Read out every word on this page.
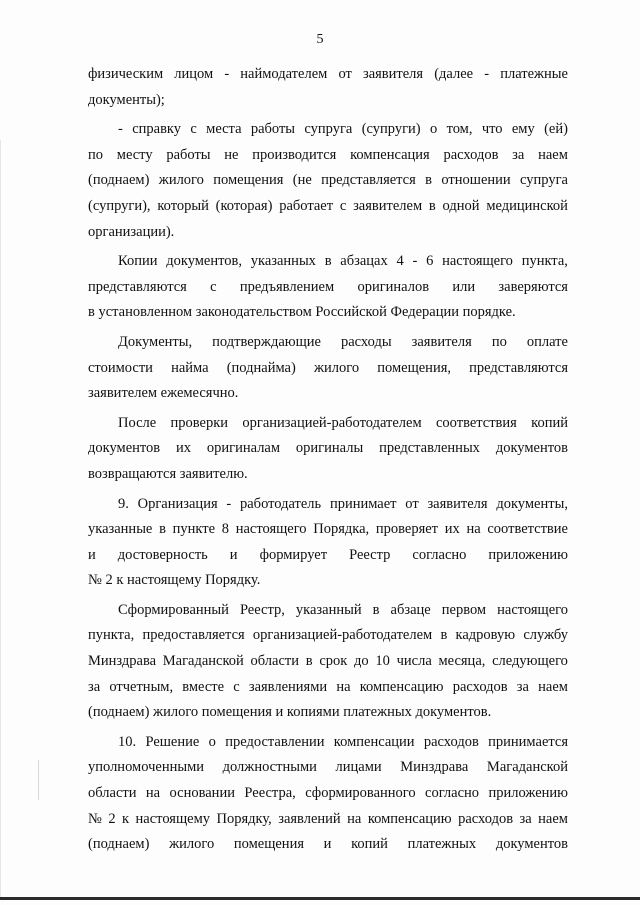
5
физическим лицом - наймодателем от заявителя (далее - платежные
документы);
- справку с места работы супруга (супруги) о том, что ему (ей)
по месту работы не производится компенсация расходов за наем
(поднаем) жилого помещения (не представляется в отношении супруга
(супруги), который (которая) работает с заявителем в одной медицинской
организации).
Копии документов, указанных в абзацах 4 - 6 настоящего пункта,
представляются с предъявлением оригиналов или заверяются
в установленном законодательством Российской Федерации порядке.
Документы, подтверждающие расходы заявителя по оплате
стоимости найма (поднайма) жилого помещения, представляются
заявителем ежемесячно.
После проверки организацией-работодателем соответствия копий
документов их оригиналам оригиналы представленных документов
возвращаются заявителю.
9. Организация - работодатель принимает от заявителя документы,
указанные в пункте 8 настоящего Порядка, проверяет их на соответствие
и достоверность и формирует Реестр согласно приложению
№ 2 к настоящему Порядку.
Сформированный Реестр, указанный в абзаце первом настоящего
пункта, предоставляется организацией-работодателем в кадровую службу
Минздрава Магаданской области в срок до 10 числа месяца, следующего
за отчетным, вместе с заявлениями на компенсацию расходов за наем
(поднаем) жилого помещения и копиями платежных документов.
10. Решение о предоставлении компенсации расходов принимается
уполномоченными должностными лицами Минздрава Магаданской
области на основании Реестра, сформированного согласно приложению
№ 2 к настоящему Порядку, заявлений на компенсацию расходов за наем
(поднаем) жилого помещения и копий платежных документов
